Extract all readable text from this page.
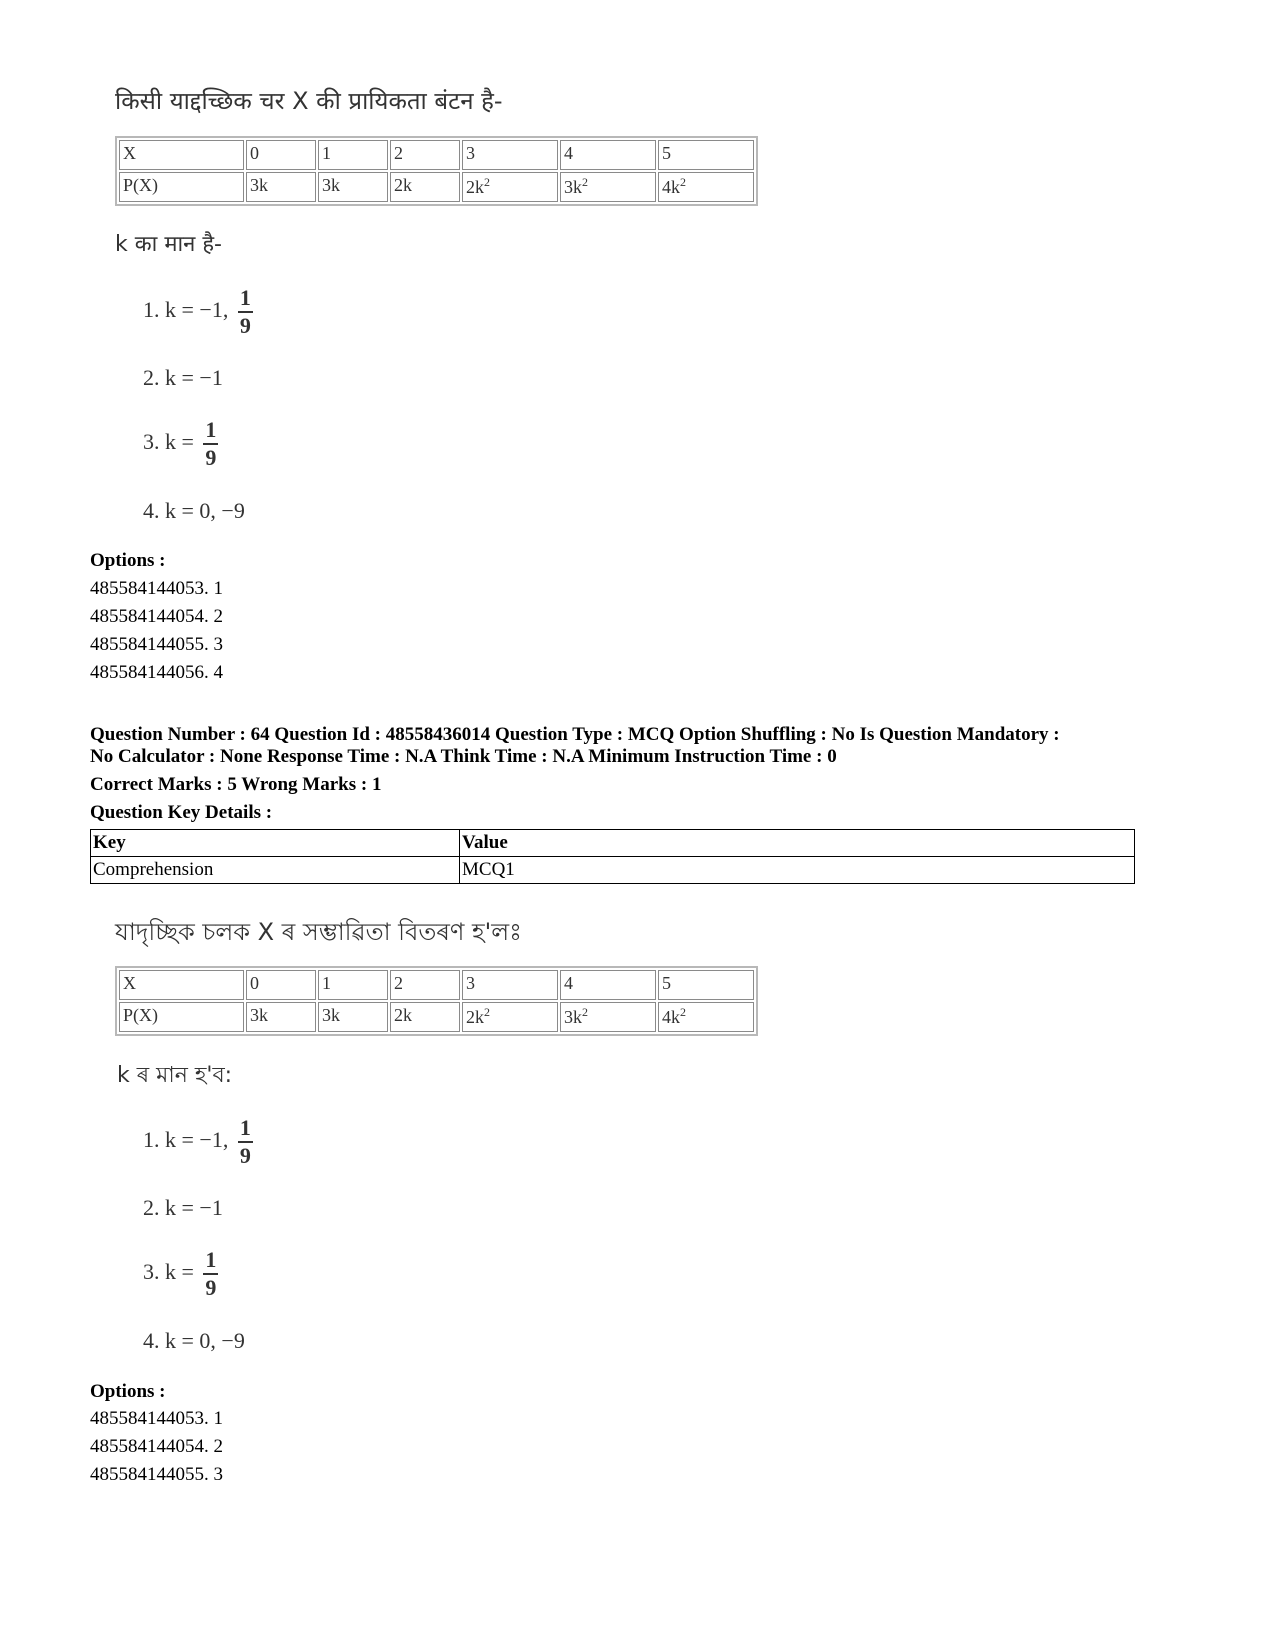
किसी याद्दच्छिक चर X की प्रायिकता बंटन है-
X	0	1	2	3	4	5
P(X)	3k	3k	2k	$2k^2$	$3k^2$	$4k^2$
k का मान है-
1. k = −1, $\frac{1}{9}$
2. k = −1
3. $k = \frac{1}{9}$
4. k = 0, −9
Options :
485584144053. 1
485584144054. 2
485584144055. 3
485584144056. 4
Question Number : 64 Question Id : 48558436014 Question Type : MCQ Option Shuffling : No Is Question Mandatory :
No Calculator : None Response Time : N.A Think Time : N.A Minimum Instruction Time : 0
Correct Marks : 5 Wrong Marks : 1
Question Key Details :
Key	Value
Comprehension	MCQ1
যাদৃচ্ছিক চলক X ৰ সম্ভাৱিতা বিতৰণ হ'লঃ
X	0	1	2	3	4	5
P(X)	3k	3k	2k	$2k^2$	$3k^2$	$4k^2$
k ৰ মান হ'ব:
1. k = −1, $\frac{1}{9}$
2. k = −1
3. $k = \frac{1}{9}$
4. k = 0, −9
Options :
485584144053. 1
485584144054. 2
485584144055. 3
